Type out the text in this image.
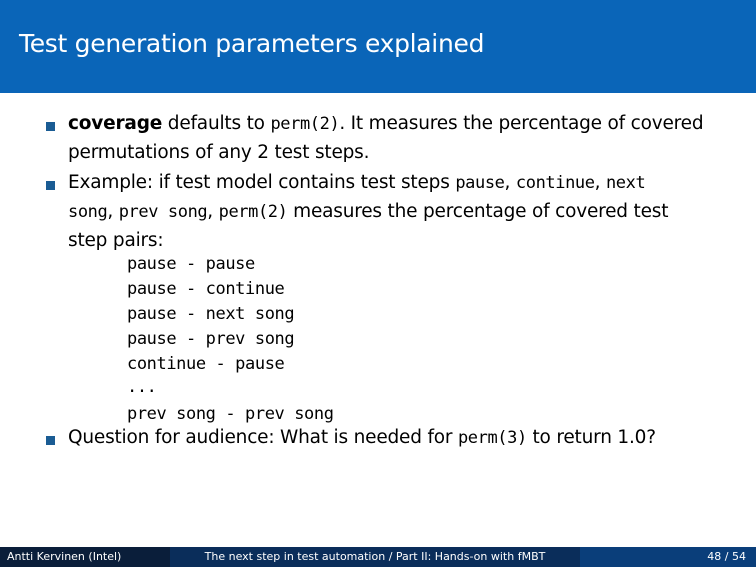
Test generation parameters explained
coverage defaults to perm(2). It measures the percentage of covered
permutations of any 2 test steps.
Example: if test model contains test steps pause, continue, next
song, prev song, perm(2) measures the percentage of covered test
step pairs:
pause - pause
pause - continue
pause - next song
pause - prev song
continue - pause
...
prev song - prev song
Question for audience: What is needed for perm(3) to return 1.0?
Antti Kervinen (Intel)	The next step in test automation / Part II: Hands-on with fMBT	48 / 54
